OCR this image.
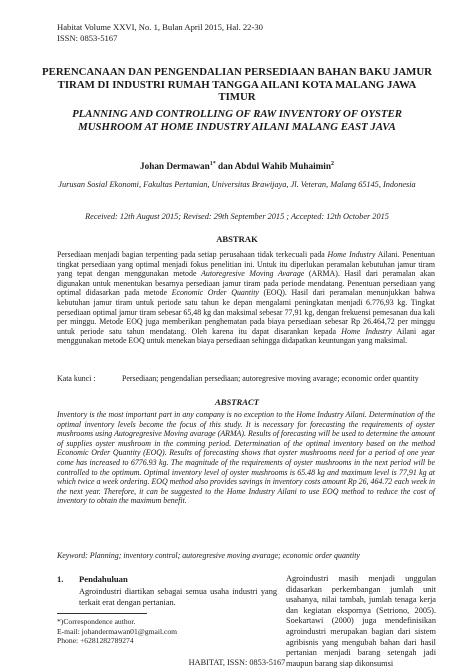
Habitat Volume XXVI, No. 1, Bulan April 2015, Hal. 22-30
ISSN: 0853-5167
PERENCANAAN DAN PENGENDALIAN PERSEDIAAN BAHAN BAKU JAMUR TIRAM DI INDUSTRI RUMAH TANGGA AILANI KOTA MALANG JAWA TIMUR
PLANNING AND CONTROLLING OF RAW INVENTORY OF OYSTER MUSHROOM AT HOME INDUSTRY AILANI MALANG EAST JAVA
Johan Dermawan$^{1*}$ dan Abdul Wahib Muhaimin$^2$
Jurusan Sosial Ekonomi, Fakultas Pertanian, Universitas Brawijaya, Jl. Veteran, Malang 65145, Indonesia
Received: 12th August 2015; Revised: 29th September 2015 ; Accepted: 12th October 2015
ABSTRAK
Persediaan menjadi bagian terpenting pada setiap perusahaan tidak terkecuali pada Home Industry Ailani. Penentuan tingkat persediaan yang optimal menjadi fokus penelitian ini. Untuk itu diperlukan peramalan kebutuhan jamur tiram yang tepat dengan menggunakan metode Autoregresive Moving Avarage (ARMA). Hasil dari peramalan akan digunakan untuk menentukan besarnya persediaan jamur tiram pada periode mendatang. Penentuan persediaan yang optimal didasarkan pada metode Economic Order Quantity (EOQ). Hasil dari peramalan menunjukkan bahwa kebutuhan jamur tiram untuk periode satu tahun ke depan mengalami peningkatan menjadi 6.776,93 kg. Tingkat persediaan optimal jamur tiram sebesar 65,48 kg dan maksimal sebesar 77,91 kg, dengan frekuensi pemesanan dua kali per minggu. Metode EOQ juga memberikan penghematan pada biaya persediaan sebesar Rp 26.464,72 per minggu untuk periode satu tahun mendatang. Oleh karena itu dapat disarankan kepada Home Industry Ailani agar menggunakan metode EOQ untuk menekan biaya persediaan sehingga didapatkan keuntungan yang maksimal.
Kata kunci :	Persediaan; pengendalian persediaan; autoregresive moving avarage; economic order quantity
ABSTRACT
Inventory is the most important part in any company is no exception to the Home Industry Ailani. Determination of the optimal inventory levels become the focus of this study. It is necessary for forecasting the requirements of oyster mushrooms using Autogregresive Moving avarage (ARMA). Results of forecasting will be used to determine the amount of supplies oyster mushroom in the comming period. Determination of the optimal inventory based on the method Economic Order Quantity (EOQ). Results of forecasting shows that oyster mushrooms need for a period of one year come has increased to 6776.93 kg. The magnitude of the requirements of oyster mushrooms in the next period will be controlled to the optimum. Optimal inventory level of oyster mushrooms is 65.48 kg and maximum level is 77,91 kg at which twice a week ordering. EOQ method also provides savings in inventory costs amount Rp 26, 464.72 each week in the next year. Therefore, it can be suggested to the Home Industry Ailani to use EOQ method to reduce the cost of inventory to obtain the maximum benefit.
Keyword: Planning; inventory control; autoregresive moving avarage; economic order quantity
1. Pendahuluan
Agroindustri diartikan sebagai semua usaha industri yang terkait erat dengan pertanian.
Agroindustri masih menjadi unggulan didasarkan perkembangan jumlah unit usahanya, nilai tambah, jumlah tenaga kerja dan kegiatan ekspornya (Setriono, 2005). Soekartawi (2000) juga mendefinisikan agroindustri merupakan bagian dari sistem agribisnis yang mengubah bahan dari hasil pertanian menjadi barang setengah jadi maupun barang siap dikonsumsi
*)Correspondence author.
E-mail: johandermawan01@gmail.com
Phone: +6281282789274
HABITAT, ISSN: 0853-5167
